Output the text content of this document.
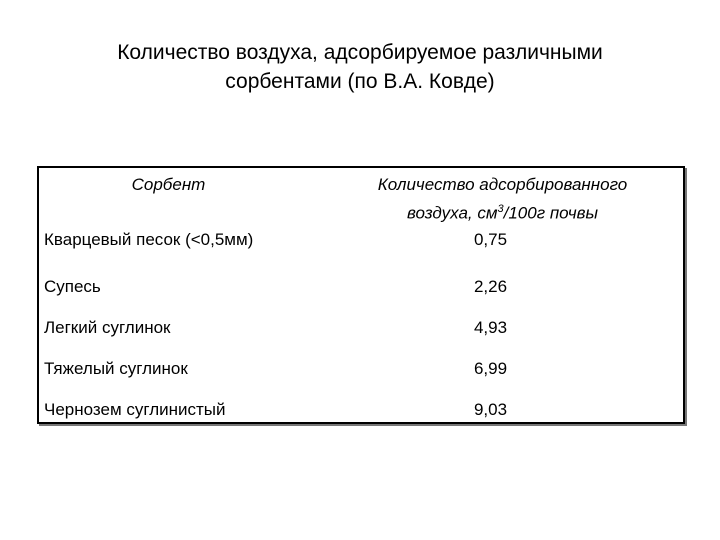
Количество воздуха, адсорбируемое различными
сорбентами (по В.А. Ковде)
Сорбент	Количество адсорбированного
воздуха, $см^3/100г$ почвы
Кварцевый песок (<0,5мм)	0,75
Супесь	2,26
Легкий суглинок	4,93
Тяжелый суглинок	6,99
Чернозем суглинистый	9,03
